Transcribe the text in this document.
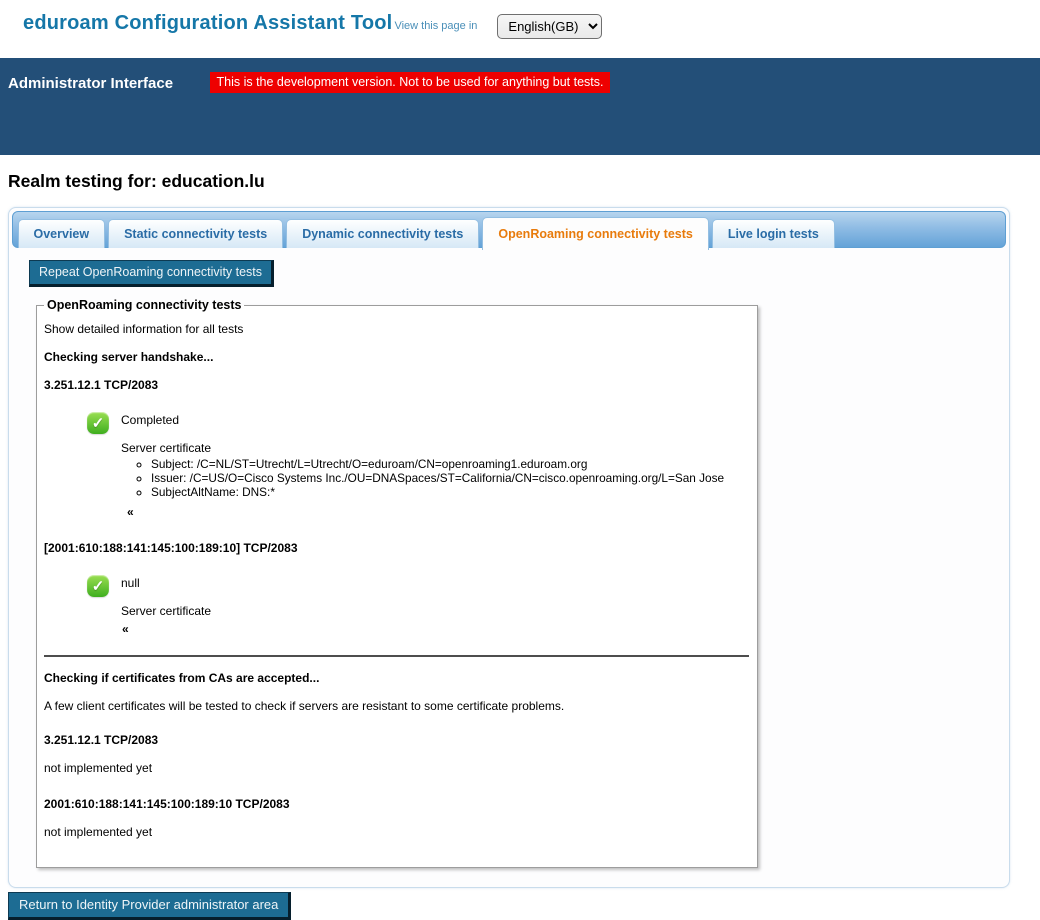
eduroam Configuration Assistant Tool View this page in
English(GB)
Administrator Interface	This is the development version. Not to be used for anything but tests.
Realm testing for: education.lu
Overview	Static connectivity tests	Dynamic connectivity tests	OpenRoaming connectivity tests	Live login tests
Repeat OpenRoaming connectivity tests
OpenRoaming connectivity tests

Show detailed information for all tests

Checking server handshake...

3.251.12.1 TCP/2083

✓

Completed

Server certificate

◦ Subject: /C=NL/ST=Utrecht/L=Utrecht/O=eduroam/CN=openroaming1.eduroam.org
◦ Issuer: /C=US/O=Cisco Systems Inc./OU=DNASpaces/ST=California/CN=cisco.openroaming.org/L=San Jose
◦ SubjectAltName: DNS:*
«

[2001:610:188:141:145:100:189:10] TCP/2083

✓

null

Server certificate

«

Checking if certificates from CAs are accepted...

A few client certificates will be tested to check if servers are resistant to some certificate problems.

3.251.12.1 TCP/2083

not implemented yet

2001:610:188:141:145:100:189:10 TCP/2083

not implemented yet

Return to Identity Provider administrator area
